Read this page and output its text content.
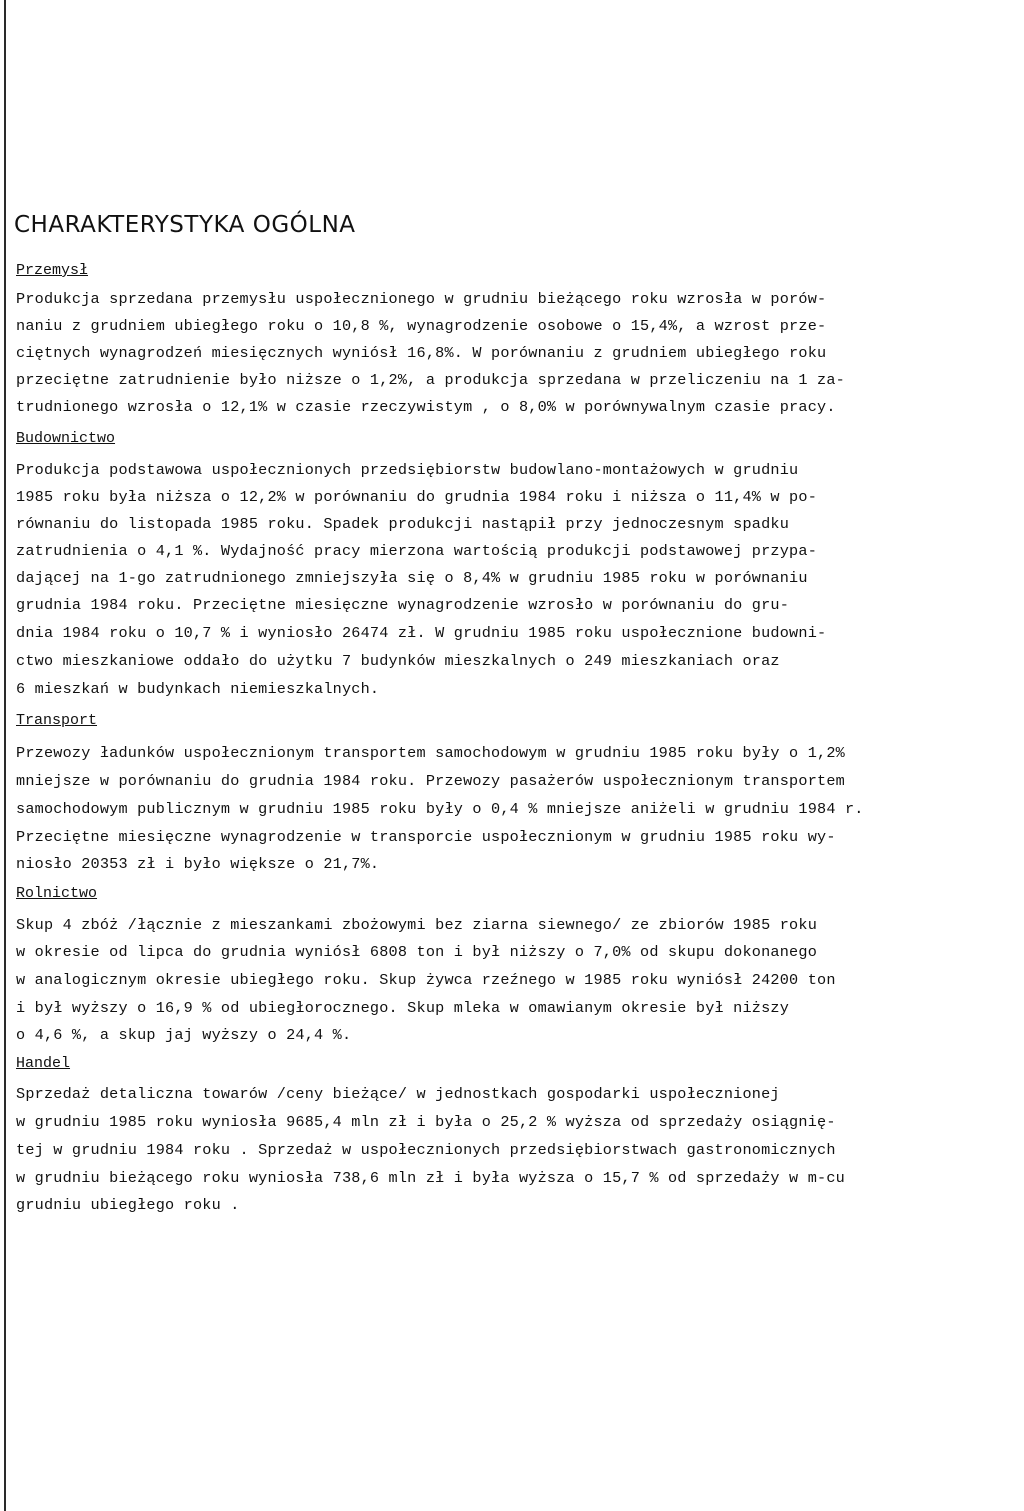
CHARAKTERYSTYKA OGÓLNA
Przemysł
Produkcja sprzedana przemysłu uspołecznionego w grudniu bieżącego roku wzrosła w porów-
naniu z grudniem ubiegłego roku o 10,8 %, wynagrodzenie osobowe o 15,4%, a wzrost prze-
ciętnych wynagrodzeń miesięcznych wyniósł 16,8%. W porównaniu z grudniem ubiegłego roku
przeciętne zatrudnienie było niższe o 1,2%, a produkcja sprzedana w przeliczeniu na 1 za-
trudnionego wzrosła o 12,1% w czasie rzeczywistym , o 8,0% w porównywalnym czasie pracy.
Budownictwo
Produkcja podstawowa uspołecznionych przedsiębiorstw budowlano-montażowych w grudniu
1985 roku była niższa o 12,2% w porównaniu do grudnia 1984 roku i niższa o 11,4% w po-
równaniu do listopada 1985 roku. Spadek produkcji nastąpił przy jednoczesnym spadku
zatrudnienia o 4,1 %. Wydajność pracy mierzona wartością produkcji podstawowej przypa-
dającej na 1-go zatrudnionego zmniejszyła się o 8,4% w grudniu 1985 roku w porównaniu
grudnia 1984 roku. Przeciętne miesięczne wynagrodzenie wzrosło w porównaniu do gru-
dnia 1984 roku o 10,7 % i wyniosło 26474 zł. W grudniu 1985 roku uspołecznione budowni-
ctwo mieszkaniowe oddało do użytku 7 budynków mieszkalnych o 249 mieszkaniach oraz
6 mieszkań w budynkach niemieszkalnych.
Transport
Przewozy ładunków uspołecznionym transportem samochodowym w grudniu 1985 roku były o 1,2%
mniejsze w porównaniu do grudnia 1984 roku. Przewozy pasażerów uspołecznionym transportem
samochodowym publicznym w grudniu 1985 roku były o 0,4 % mniejsze aniżeli w grudniu 1984 r.
Przeciętne miesięczne wynagrodzenie w transporcie uspołecznionym w grudniu 1985 roku wy-
niosło 20353 zł i było większe o 21,7%.
Rolnictwo
Skup 4 zbóż /łącznie z mieszankami zbożowymi bez ziarna siewnego/ ze zbiorów 1985 roku
w okresie od lipca do grudnia wyniósł 6808 ton i był niższy o 7,0% od skupu dokonanego
w analogicznym okresie ubiegłego roku. Skup żywca rzeźnego w 1985 roku wyniósł 24200 ton
i był wyższy o 16,9 % od ubiegłorocznego. Skup mleka w omawianym okresie był niższy
o 4,6 %, a skup jaj wyższy o 24,4 %.
Handel
Sprzedaż detaliczna towarów /ceny bieżące/ w jednostkach gospodarki uspołecznionej
w grudniu 1985 roku wyniosła 9685,4 mln zł i była o 25,2 % wyższa od sprzedaży osiągnię-
tej w grudniu 1984 roku . Sprzedaż w uspołecznionych przedsiębiorstwach gastronomicznych
w grudniu bieżącego roku wyniosła 738,6 mln zł i była wyższa o 15,7 % od sprzedaży w m-cu
grudniu ubiegłego roku .
